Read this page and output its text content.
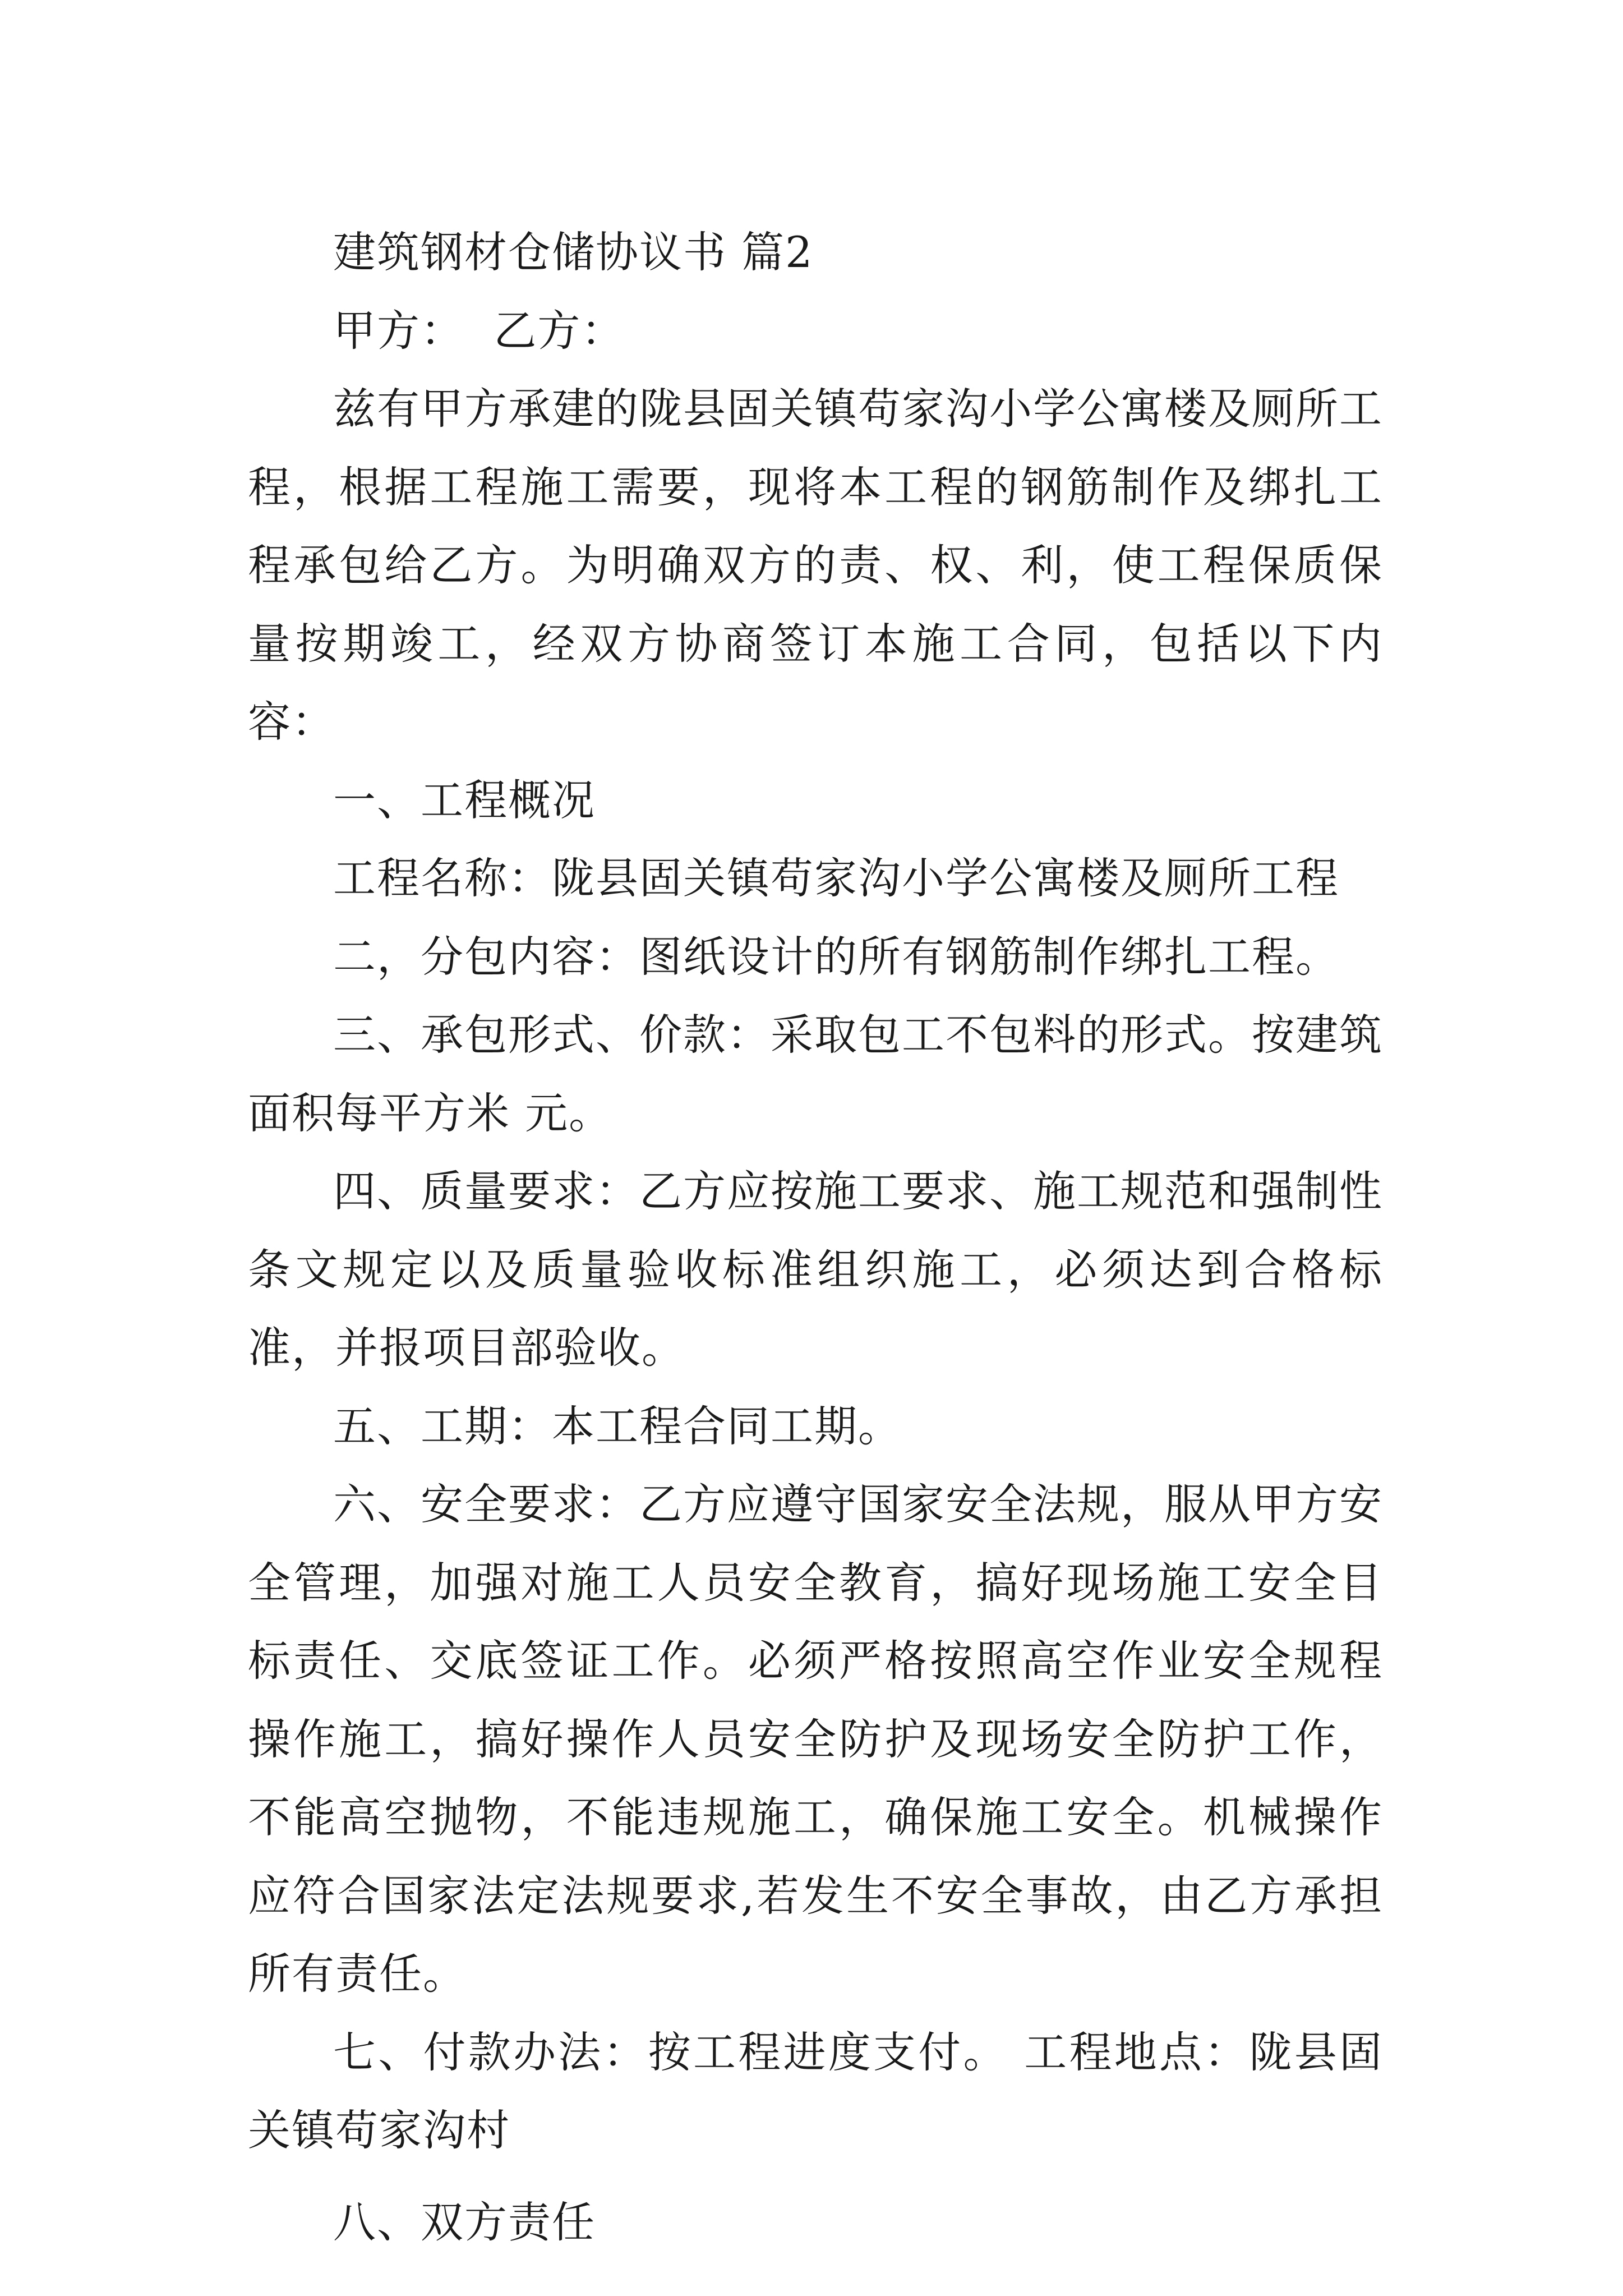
建筑钢材仓储协议书 篇2

甲方：  乙方：

兹有甲方承建的陇县固关镇苟家沟小学公寓楼及厕所工程，根据工程施工需要，现将本工程的钢筋制作及绑扎工程承包给乙方。为明确双方的责、权、利，使工程保质保量按期竣工，经双方协商签订本施工合同，包括以下内容：

一、工程概况

工程名称：陇县固关镇苟家沟小学公寓楼及厕所工程

二，分包内容：图纸设计的所有钢筋制作绑扎工程。

三、承包形式、价款：采取包工不包料的形式。按建筑面积每平方米 元。

四、质量要求：乙方应按施工要求、施工规范和强制性条文规定以及质量验收标准组织施工，必须达到合格标准，并报项目部验收。

五、工期：本工程合同工期。

六、安全要求：乙方应遵守国家安全法规，服从甲方安全管理，加强对施工人员安全教育，搞好现场施工安全目标责任、交底签证工作。必须严格按照高空作业安全规程操作施工，搞好操作人员安全防护及现场安全防护工作，不能高空抛物，不能违规施工，确保施工安全。机械操作应符合国家法定法规要求,若发生不安全事故，由乙方承担所有责任。

七、付款办法：按工程进度支付。 工程地点：陇县固关镇苟家沟村

八、双方责任
